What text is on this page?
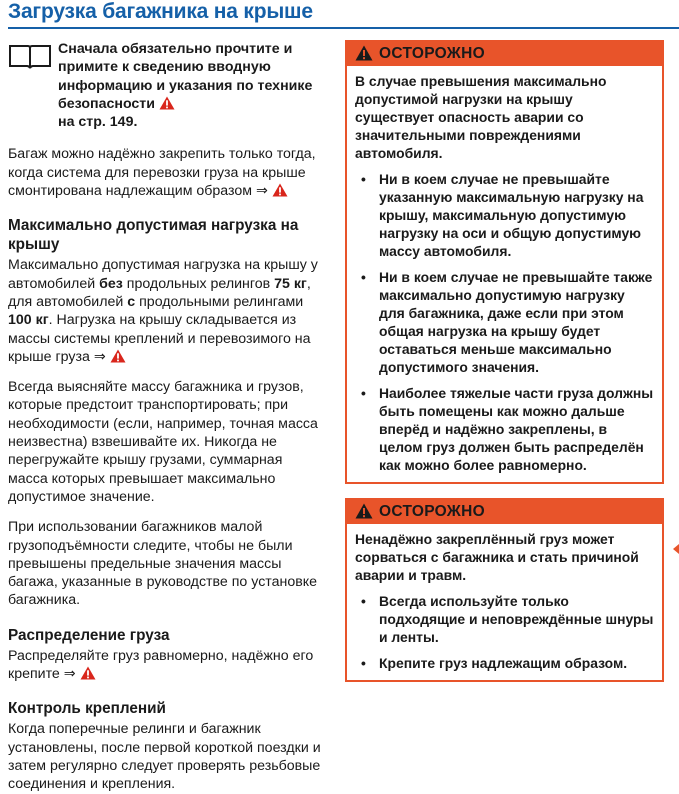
Загрузка багажника на крыше

Сначала обязательно прочтите и примите к сведению вводную информацию и указания по технике безопасности
на стр. 149.

Багаж можно надёжно закрепить только тогда, когда система для перевозки груза на крыше смонтирована надлежащим образом ⇒

Максимально допустимая нагрузка на крышу

Максимально допустимая нагрузка на крышу у автомобилей без продольных релингов 75 кг, для автомобилей с продольными релингами 100 кг. Нагрузка на крышу складывается из массы системы креплений и перевозимого на крыше груза ⇒

Всегда выясняйте массу багажника и грузов, которые предстоит транспортировать; при необходимости (если, например, точная масса неизвестна) взвешивайте их. Никогда не перегружайте крышу грузами, суммарная масса которых превышает максимально допустимое значение.

При использовании багажников малой грузоподъёмности следите, чтобы не были превышены предельные значения массы багажа, указанные в руководстве по установке багажника.

Распределение груза

Распределяйте груз равномерно, надёжно его крепите ⇒

Контроль креплений

Когда поперечные релинги и багажник установлены, после первой короткой поездки и затем регулярно следует проверять резьбовые соединения и крепления.

ОСТОРОЖНО

В случае превышения максимально допустимой нагрузки на крышу существует опасность аварии со значительными повреждениями автомобиля.

• Ни в коем случае не превышайте указанную максимальную нагрузку на крышу, максимальную допустимую нагрузку на оси и общую допустимую массу автомобиля.

• Ни в коем случае не превышайте также максимально допустимую нагрузку для багажника, даже если при этом общая нагрузка на крышу будет оставаться меньше максимально допустимого значения.

• Наиболее тяжелые части груза должны быть помещены как можно дальше вперёд и надёжно закреплены, в целом груз должен быть распределён как можно более равномерно.

ОСТОРОЖНО

Ненадёжно закреплённый груз может сорваться с багажника и стать причиной аварии и травм.

• Всегда используйте только подходящие и неповреждённые шнуры и ленты.

• Крепите груз надлежащим образом.
